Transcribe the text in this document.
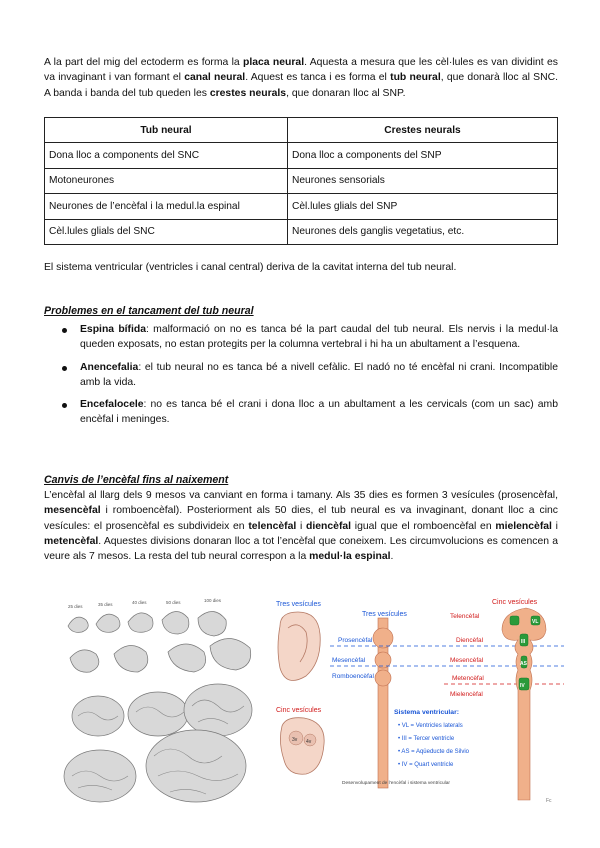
A la part del mig del ectoderm es forma la placa neural. Aquesta a mesura que les cèl·lules es van dividint es va invaginant i van formant el canal neural. Aquest es tanca i es forma el tub neural, que donarà lloc al SNC. A banda i banda del tub queden les crestes neurals, que donaran lloc al SNP.

Tub neural	Crestes neurals
Dona lloc a components del SNC	Dona lloc a components del SNP
Motoneurones	Neurones sensorials
Neurones de l’encèfal i la medul.la espinal	Cèl.lules glials del SNP
Cèl.lules glials del SNC	Neurones dels ganglis vegetatius, etc.

El sistema ventricular (ventricles i canal central) deriva de la cavitat interna del tub neural.

Problemes en el tancament del tub neural
Espina bífida: malformació on no es tanca bé la part caudal del tub neural. Els nervis i la medul·la queden exposats, no estan protegits per la columna vertebral i hi ha un abultament a l’esquena.
Anencefalia: el tub neural no es tanca bé a nivell cefàlic. El nadó no té encèfal ni crani. Incompatible amb la vida.
Encefalocele: no es tanca bé el crani i dona lloc a un abultament a les cervicals (com un sac) amb encèfal i meninges.
Canvis de l’encèfal fins al naixement

L’encèfal al llarg dels 9 mesos va canviant en forma i tamany. Als 35 dies es formen 3 vesícules (prosencèfal, mesencèfal i romboencèfal). Posteriorment als 50 dies, el tub neural es va invaginant, donant lloc a cinc vesícules: el prosencèfal es subdivideix en telencèfal i diencèfal igual que el romboencèfal en mielencèfal i metencèfal. Aquestes divisions donaran lloc a tot l’encèfal que coneixem. Les circumvolucions es comencen a veure als 7 mesos. La resta del tub neural correspon a la medul·la espinal.

25 dies	35 dies	40 dies	50 dies	100 dies
Tres vesícules
Tres vesícules
Prosencèfal
Mesencèfal
Romboencèfal
Cinc vesícules
Cinc vesícules
Telencèfal
Diencèfal
Mesencèfal
Metencèfal
Mielencèfal
VL
III
AS
IV
3v 4v
Sistema ventricular:
• VL = Ventricles laterals
• III = Tercer ventricle
• AS = Aqüeducte de Silvio
• IV = Quart ventricle
Desenvolupament de l’encèfal i sistema ventricular
Fc
